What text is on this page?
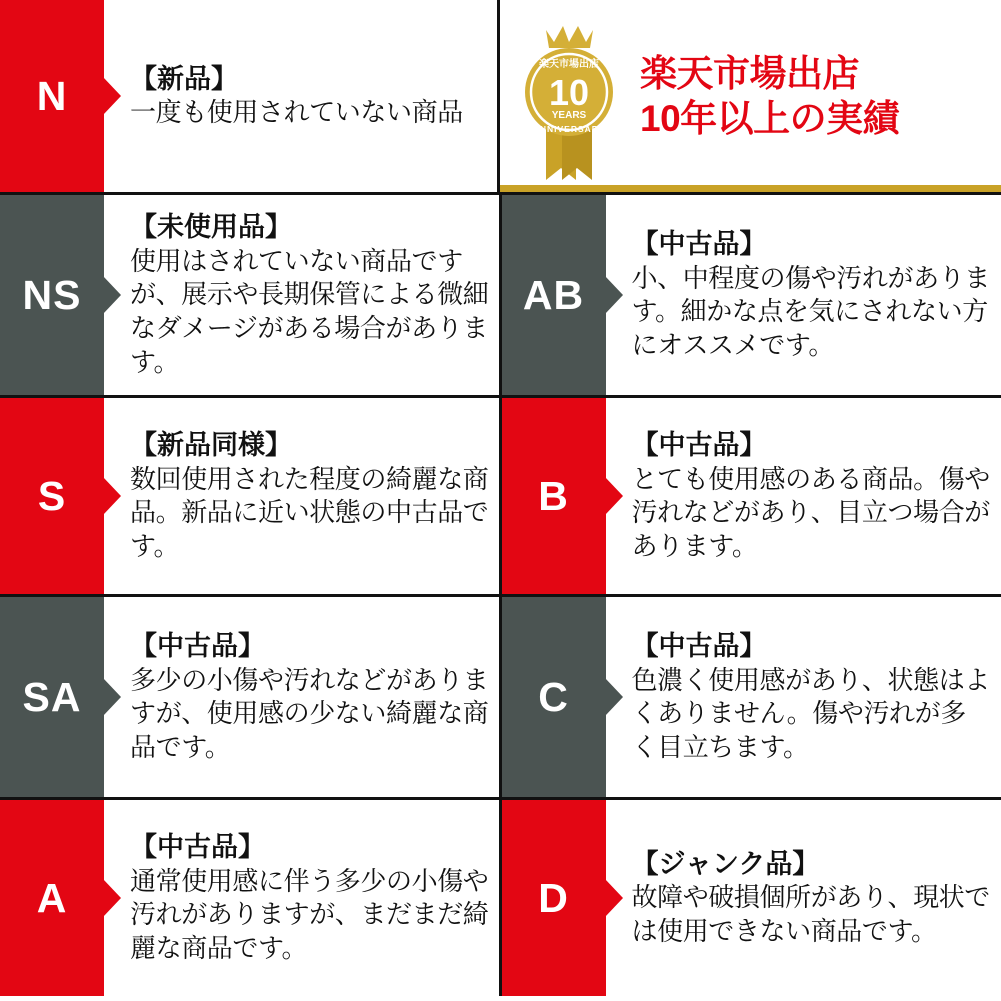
N 【新品】
一度も使用されていない商品
楽天市場出店
10
YEARS
ANNIVERSARY
楽天市場出店
10年以上の実績
NS
【未使用品】
使用はされていない商品ですが、展示や長期保管による微細なダメージがある場合があります。
AB
【中古品】
小、中程度の傷や汚れがあります。細かな点を気にされない方にオススメです。
S
【新品同様】
数回使用された程度の綺麗な商品。新品に近い状態の中古品です。
B
【中古品】
とても使用感のある商品。傷や汚れなどがあり、目立つ場合があります。
SA
【中古品】
多少の小傷や汚れなどがありますが、使用感の少ない綺麗な商品です。
C
【中古品】
色濃く使用感があり、状態はよくありません。傷や汚れが多く目立ちます。
A
【中古品】
通常使用感に伴う多少の小傷や汚れがありますが、まだまだ綺麗な商品です。
D
【ジャンク品】
故障や破損個所があり、現状では使用できない商品です。
